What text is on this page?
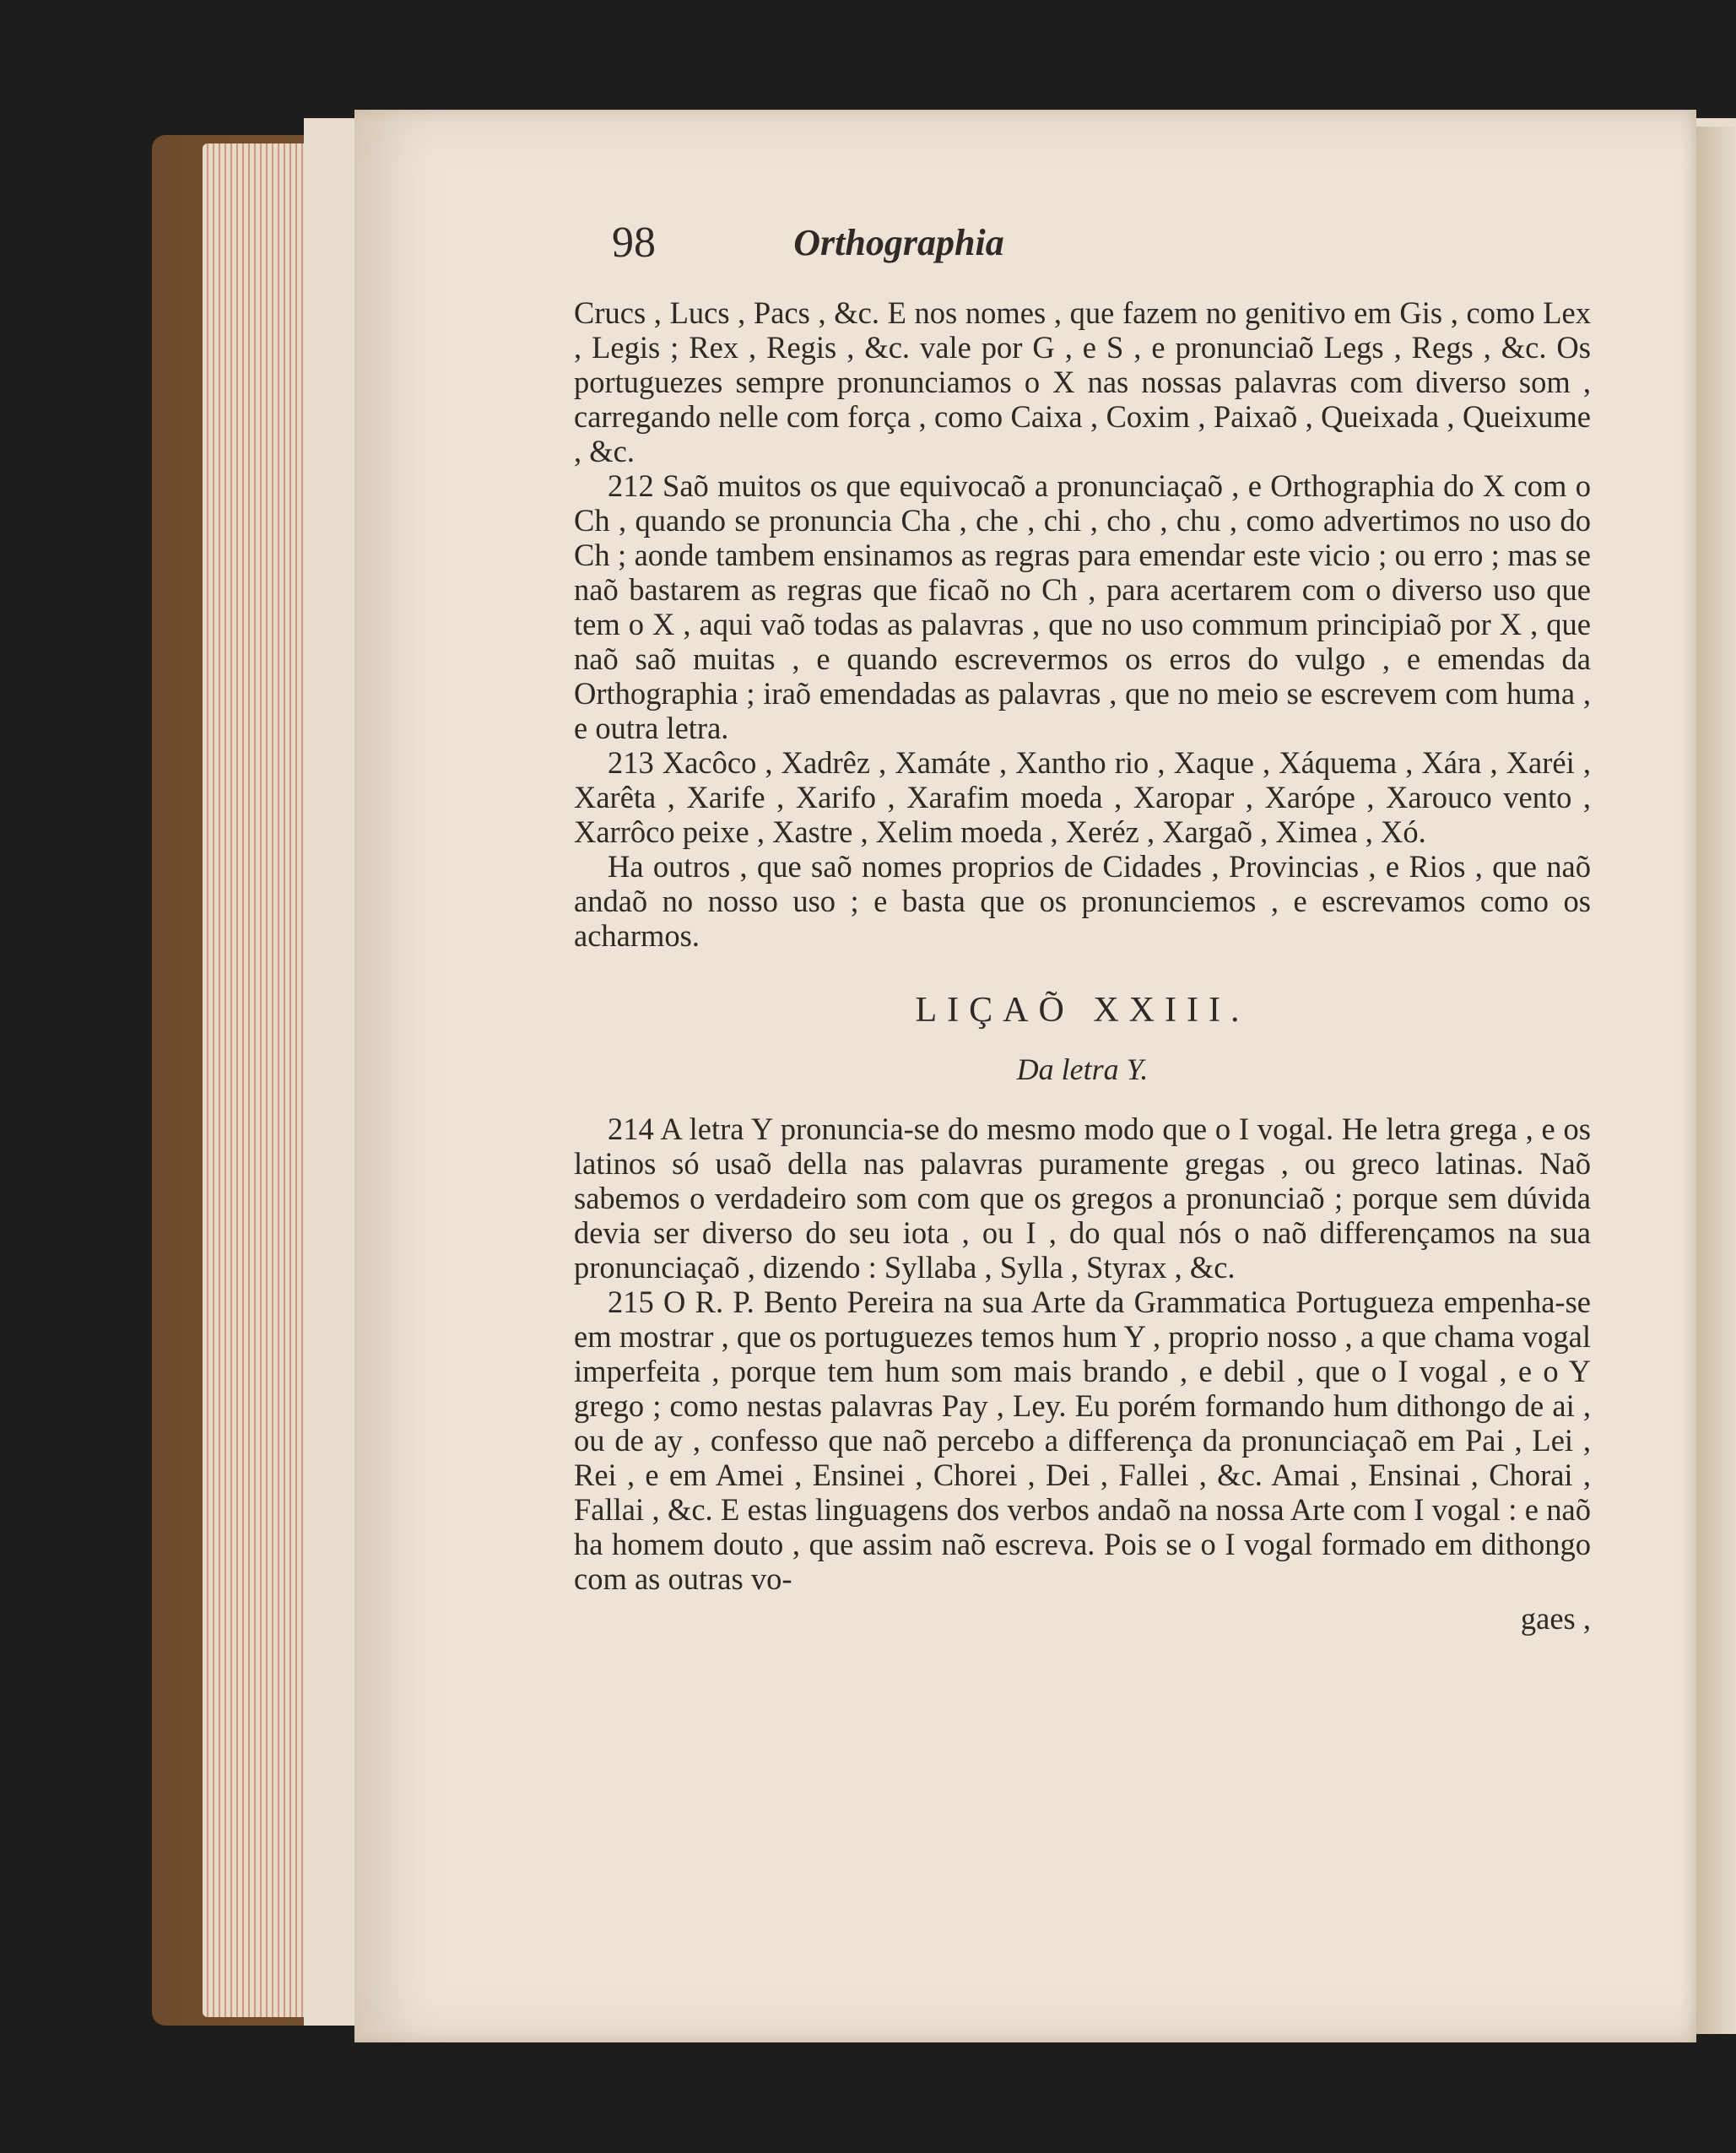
98	Orthographia

Crucs , Lucs , Pacs , &c. E nos nomes , que fazem no genitivo em Gis , como Lex , Legis ; Rex , Regis , &c. vale por G , e S , e pronunciaõ Legs , Regs , &c. Os portuguezes sempre pronunciamos o X nas nossas palavras com diverso som , carregando nelle com força , como Caixa , Coxim , Paixaõ , Queixada , Queixume , &c.

212 Saõ muitos os que equivocaõ a pronunciaçaõ , e Orthographia do X com o Ch , quando se pronuncia Cha , che , chi , cho , chu , como advertimos no uso do Ch ; aonde tambem ensinamos as regras para emendar este vicio ; ou erro ; mas se naõ bastarem as regras que ficaõ no Ch , para acertarem com o diverso uso que tem o X , aqui vaõ todas as palavras , que no uso commum principiaõ por X , que naõ saõ muitas , e quando escrevermos os erros do vulgo , e emendas da Orthographia ; iraõ emendadas as palavras , que no meio se escrevem com huma , e outra letra.

213 Xacôco , Xadrêz , Xamáte , Xantho rio , Xaque , Xáquema , Xára , Xaréi , Xarêta , Xarife , Xarifo , Xarafim moeda , Xaropar , Xarópe , Xarouco vento , Xarrôco peixe , Xastre , Xelim moeda , Xeréz , Xargaõ , Ximea , Xó.

Ha outros , que saõ nomes proprios de Cidades , Provincias , e Rios , que naõ andaõ no nosso uso ; e basta que os pronunciemos , e escrevamos como os acharmos.

LIÇAÕ XXIII.

Da letra Y.

214 A letra Y pronuncia-se do mesmo modo que o I vogal. He letra grega , e os latinos só usaõ della nas palavras puramente gregas , ou greco latinas. Naõ sabemos o verdadeiro som com que os gregos a pronunciaõ ; porque sem dúvida devia ser diverso do seu iota , ou I , do qual nós o naõ differençamos na sua pronunciaçaõ , dizendo : Syllaba , Sylla , Styrax , &c.

215 O R. P. Bento Pereira na sua Arte da Grammatica Portugueza empenha-se em mostrar , que os portuguezes temos hum Y , proprio nosso , a que chama vogal imperfeita , porque tem hum som mais brando , e debil , que o I vogal , e o Y grego ; como nestas palavras Pay , Ley. Eu porém formando hum dithongo de ai , ou de ay , confesso que naõ percebo a differença da pronunciaçaõ em Pai , Lei , Rei , e em Amei , Ensinei , Chorei , Dei , Fallei , &c. Amai , Ensinai , Chorai , Fallai , &c. E estas linguagens dos verbos andaõ na nossa Arte com I vogal : e naõ ha homem douto , que assim naõ escreva. Pois se o I vogal formado em dithongo com as outras vo-

gaes ,
